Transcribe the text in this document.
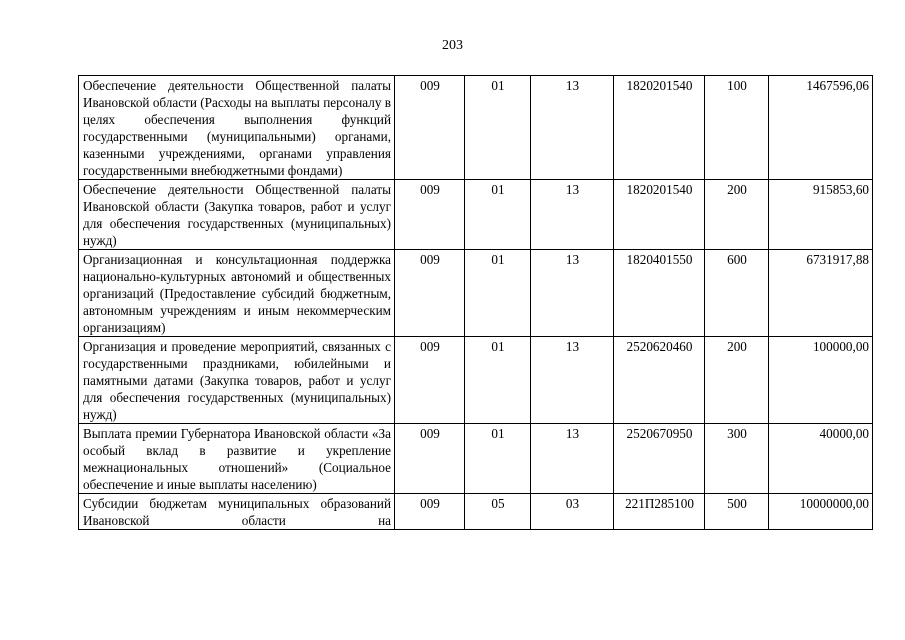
203
Обеспечение деятельности Общественной палаты Ивановской области (Расходы на выплаты персоналу в целях обеспечения выполнения функций государственными (муниципальными) органами, казенными учреждениями, органами управления государственными внебюджетными фондами)	009	01	13	1820201540	100	1467596,06
Обеспечение деятельности Общественной палаты Ивановской области (Закупка товаров, работ и услуг для обеспечения государственных (муниципальных) нужд)	009	01	13	1820201540	200	915853,60
Организационная и консультационная поддержка национально-культурных автономий и общественных организаций (Предоставление субсидий бюджетным, автономным учреждениям и иным некоммерческим организациям)	009	01	13	1820401550	600	6731917,88
Организация и проведение мероприятий, связанных с государственными праздниками, юбилейными и памятными датами (Закупка товаров, работ и услуг для обеспечения государственных (муниципальных) нужд)	009	01	13	2520620460	200	100000,00
Выплата премии Губернатора Ивановской области «За особый вклад в развитие и укрепление межнациональных отношений» (Социальное обеспечение и иные выплаты населению)	009	01	13	2520670950	300	40000,00
Субсидии бюджетам муниципальных образований Ивановской области на	009	05	03	221П285100	500	10000000,00
